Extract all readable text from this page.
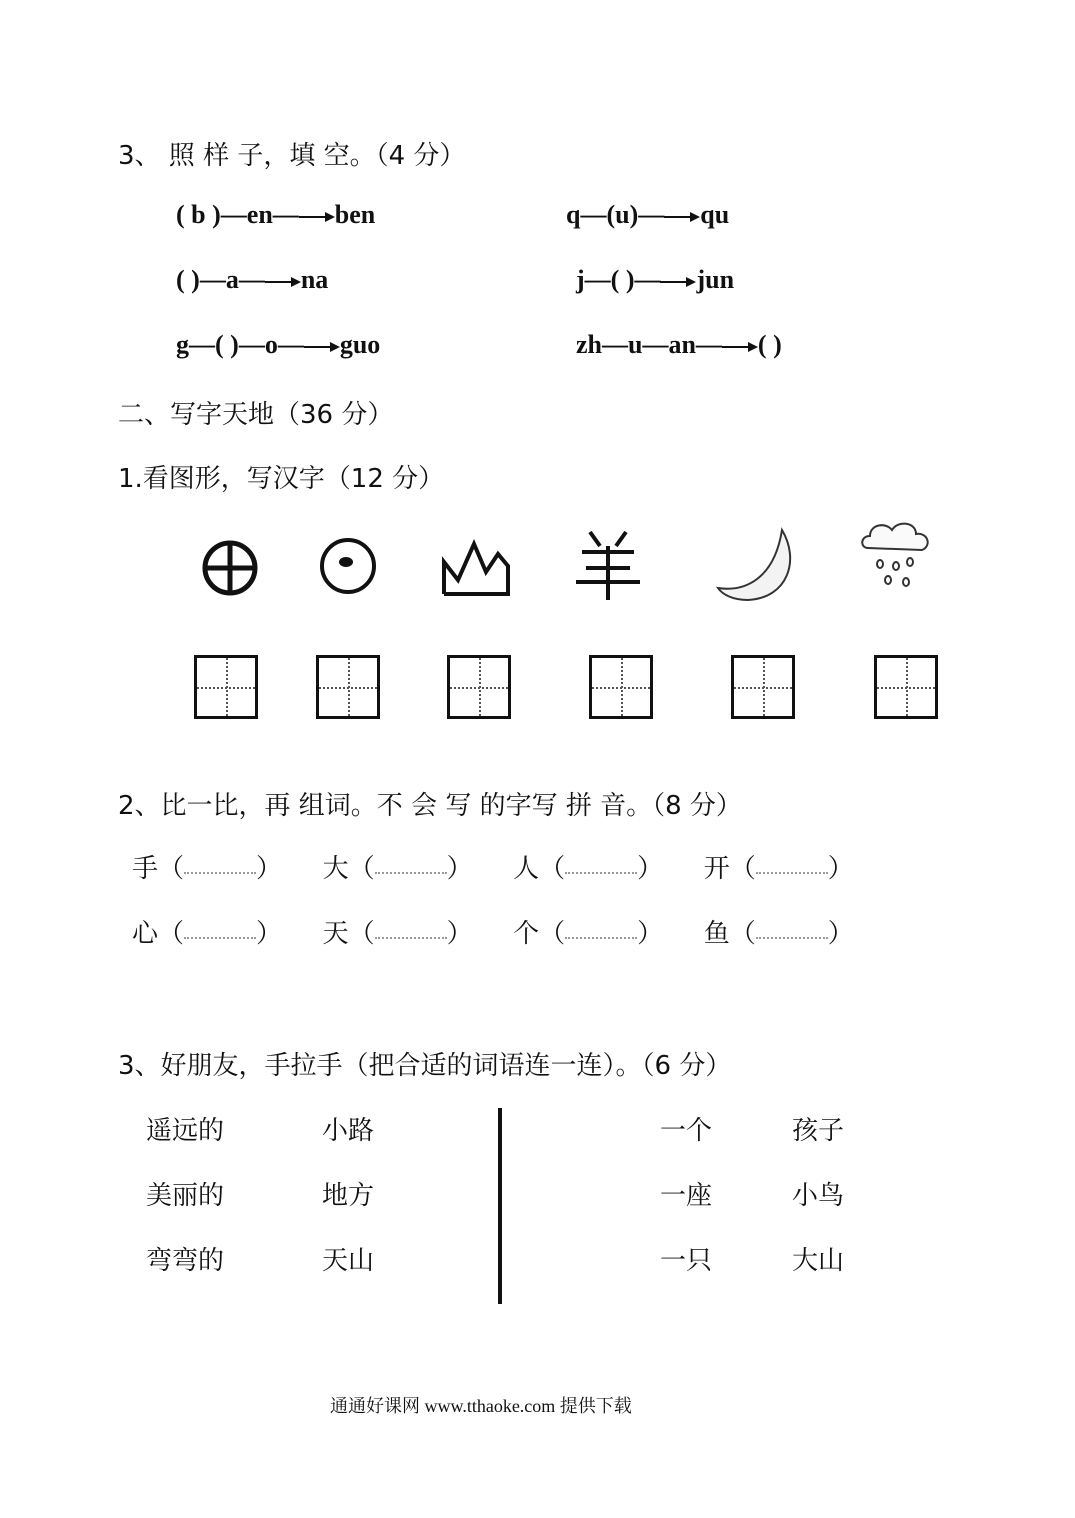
3、 照 样 子，填 空。（4 分）
( b )—en— ben	q—(u)— qu
( )—a— na	j—( )— jun
g—( )—o— guo	zh—u—an— ( )
二、写字天地（36 分）
1.看图形，写汉字（12 分）
2、比一比，再 组词。不 会 写 的字写 拼 音。（8 分）
手（	） 大（	） 人（	） 开（	）
心（	） 天（	） 个（	） 鱼（	）
3、好朋友，手拉手（把合适的词语连一连）。（6 分）
遥远的	小路
美丽的	地方
弯弯的	天山
一个	孩子
一座	小鸟
一只	大山
通通好课网 www.tthaoke.com 提供下载
